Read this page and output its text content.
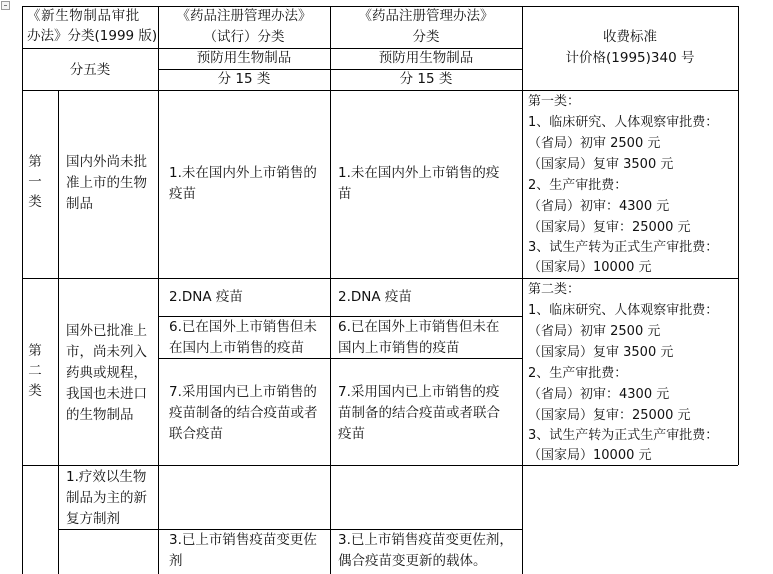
《新生物制品审批
办法》分类(1999 版)
分五类
《药品注册管理办法》
（试行）分类
预防用生物制品
分 15 类
《药品注册管理办法》
分类
预防用生物制品
分 15 类
收费标准
计价格(1995)340 号
第
一
类
国内外尚未批
准上市的生物
制品
1.未在国内外上市销售的
疫苗
1.未在国内外上市销售的疫
苗
第一类：
1、临床研究、人体观察审批费：
（省局）初审 2500 元
（国家局）复审 3500 元
2、生产审批费：
（省局）初审：4300 元
（国家局）复审：25000 元
3、试生产转为正式生产审批费：
（国家局）10000 元
第
二
类
国外已批准上
市，尚未列入
药典或规程，
我国也未进口
的生物制品
2.DNA 疫苗
6.已在国外上市销售但未
在国内上市销售的疫苗
7.采用国内已上市销售的
疫苗制备的结合疫苗或者
联合疫苗
2.DNA 疫苗
6.已在国外上市销售但未在
国内上市销售的疫苗
7.采用国内已上市销售的疫
苗制备的结合疫苗或者联合
疫苗
第二类：
1、临床研究、人体观察审批费：
（省局）初审 2500 元
（国家局）复审 3500 元
2、生产审批费：
（省局）初审：4300 元
（国家局）复审：25000 元
3、试生产转为正式生产审批费：
（国家局）10000 元
1.疗效以生物
制品为主的新
复方制剂
3.已上市销售疫苗变更佐
剂
3.已上市销售疫苗变更佐剂，
偶合疫苗变更新的载体。
